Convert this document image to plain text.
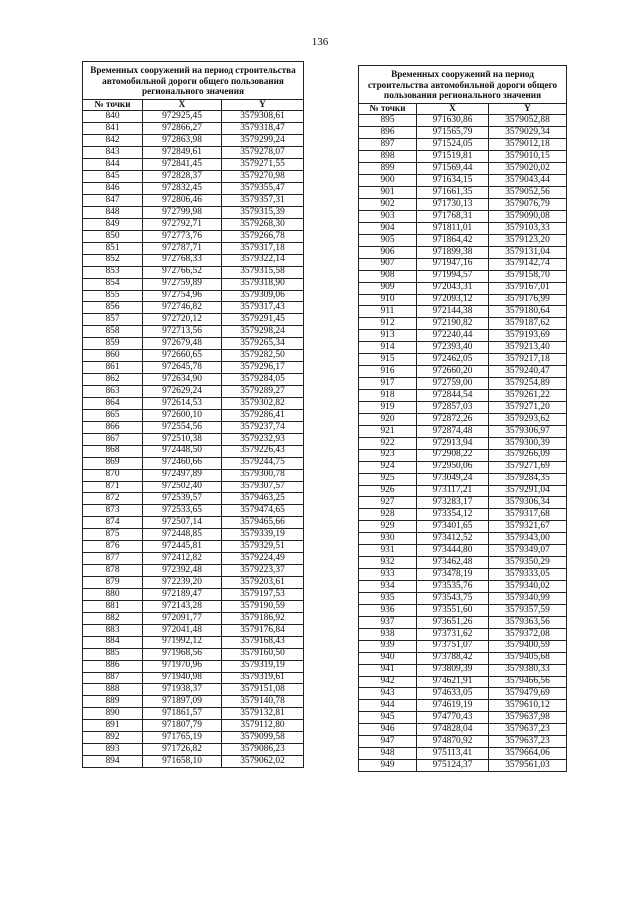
136
Временных сооружений на период строительства автомобильной дороги общего пользования регионального значения		
№ точки	X	Y
840	972925,45	3579308,61
841	972866,27	3579318,47
842	972863,98	3579299,24
843	972849,61	3579278,07
844	972841,45	3579271,55
845	972828,37	3579270,98
846	972832,45	3579355,47
847	972806,46	3579357,31
848	972799,98	3579315,39
849	972792,71	3579268,30
850	972773,76	3579266,78
851	972787,71	3579317,18
852	972768,33	3579322,14
853	972766,52	3579315,58
854	972759,89	3579318,90
855	972754,96	3579309,06
856	972746,82	3579317,43
857	972720,12	3579291,45
858	972713,56	3579298,24
859	972679,48	3579265,34
860	972660,65	3579282,50
861	972645,78	3579296,17
862	972634,90	3579284,05
863	972629,24	3579289,27
864	972614,53	3579302,82
865	972600,10	3579286,41
866	972554,56	3579237,74
867	972510,38	3579232,93
868	972448,50	3579226,43
869	972460,66	3579244,75
870	972497,89	3579300,78
871	972502,40	3579307,57
872	972539,57	3579463,25
873	972533,65	3579474,65
874	972507,14	3579465,66
875	972448,85	3579339,19
876	972445,81	3579329,51
877	972412,82	3579224,49
878	972392,48	3579223,37
879	972239,20	3579203,61
880	972189,47	3579197,53
881	972143,28	3579190,59
882	972091,77	3579186,92
883	972041,48	3579176,84
884	971992,12	3579168,43
885	971968,56	3579160,50
886	971970,96	3579319,19
887	971940,98	3579319,61
888	971938,37	3579151,08
889	971897,09	3579140,78
890	971861,57	3579132,81
891	971807,79	3579112,80
892	971765,19	3579099,58
893	971726,82	3579086,23
894	971658,10	3579062,02
Временных сооружений на период строительства автомобильной дороги общего пользования регионального значения		
№ точки	X	Y
895	971630,86	3579052,88
896	971565,79	3579029,34
897	971524,05	3579012,18
898	971519,81	3579010,15
899	971569,44	3579020,02
900	971634,15	3579043,44
901	971661,35	3579052,56
902	971730,13	3579076,79
903	971768,31	3579090,08
904	971811,01	3579103,33
905	971864,42	3579123,20
906	971899,38	3579131,04
907	971947,16	3579142,74
908	971994,57	3579158,70
909	972043,31	3579167,01
910	972093,12	3579176,99
911	972144,38	3579180,64
912	972190,82	3579187,62
913	972240,44	3579193,69
914	972393,40	3579213,40
915	972462,05	3579217,18
916	972660,20	3579240,47
917	972759,00	3579254,89
918	972844,54	3579261,22
919	972857,03	3579271,20
920	972872,26	3579293,62
921	972874,48	3579306,97
922	972913,94	3579300,39
923	972908,22	3579266,09
924	972950,06	3579271,69
925	973049,24	3579284,35
926	973117,21	3579291,04
927	973283,17	3579306,34
928	973354,12	3579317,68
929	973401,65	3579321,67
930	973412,52	3579343,00
931	973444,80	3579349,07
932	973462,48	3579350,29
933	973478,19	3579333,05
934	973535,76	3579340,02
935	973543,75	3579340,99
936	973551,60	3579357,59
937	973651,26	3579363,56
938	973731,62	3579372,08
939	973751,07	3579400,59
940	973788,42	3579405,68
941	973809,39	3579380,33
942	974621,91	3579466,56
943	974633,05	3579479,69
944	974619,19	3579610,12
945	974770,43	3579637,98
946	974828,04	3579637,23
947	974870,92	3579637,23
948	975113,41	3579664,06
949	975124,37	3579561,03
